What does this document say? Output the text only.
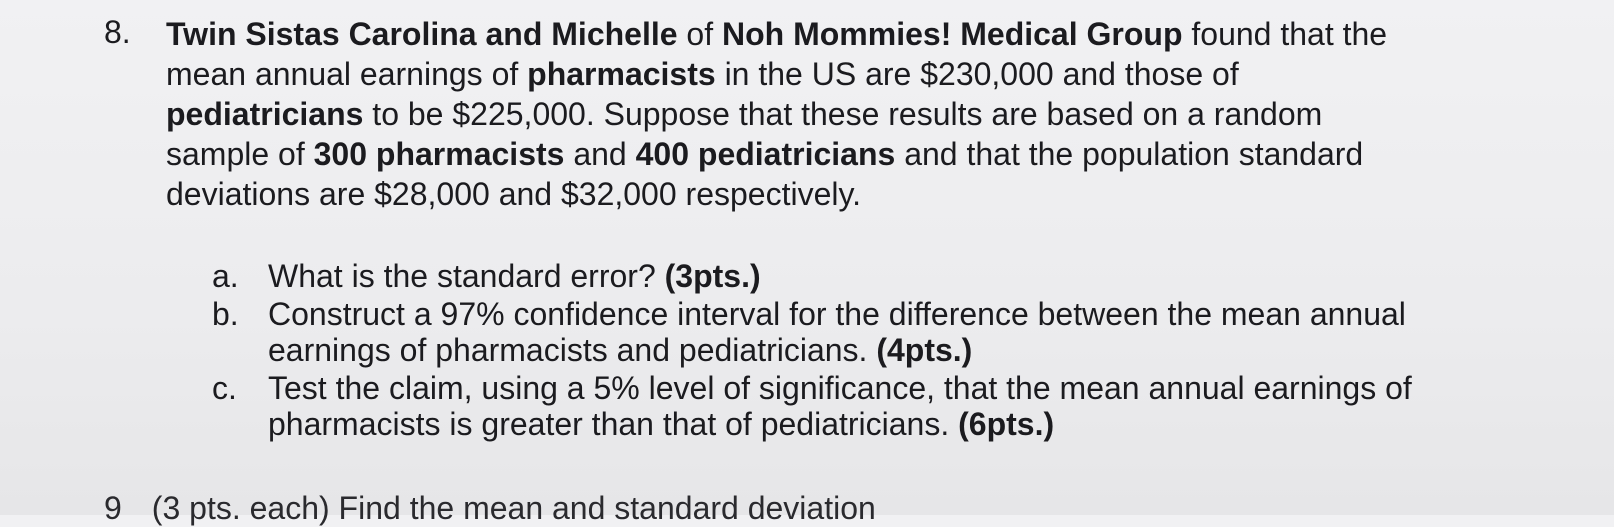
8. Twin Sistas Carolina and Michelle of Noh Mommies! Medical Group found that the mean annual earnings of pharmacists in the US are $230,000 and those of pediatricians to be $225,000. Suppose that these results are based on a random sample of 300 pharmacists and 400 pediatricians and that the population standard deviations are $28,000 and $32,000 respectively.
a. What is the standard error? (3pts.)
b. Construct a 97% confidence interval for the difference between the mean annual earnings of pharmacists and pediatricians. (4pts.)
c. Test the claim, using a 5% level of significance, that the mean annual earnings of pharmacists is greater than that of pediatricians. (6pts.)
9 (3 pts. each) Find the mean and standard deviation
